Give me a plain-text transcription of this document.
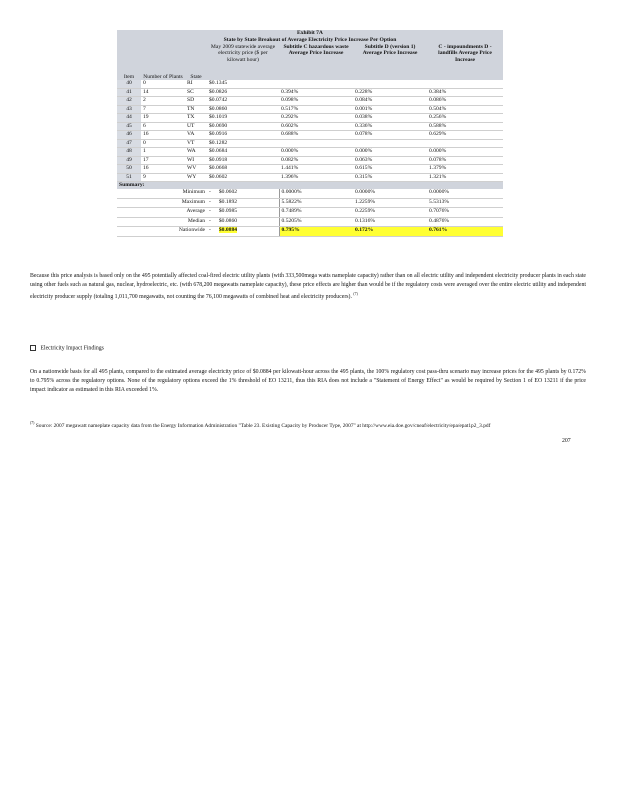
Exhibit 7A						
State by State Breakout of Average Electricity Price Increase Per Option						
Item	Number of Plants	State	May 2009 statewide average electricity price ($ per kilowatt hour)	Subtitle C hazardous waste Average Price Increase	Subtitle D (version 1) Average Price Increase	C - impoundments D - landfills Average Price Increase
40	0	RI	$0.1345			
41	14	SC	$0.0826	0.394%	0.228%	0.384%
42	2	SD	$0.0742	0.098%	0.084%	0.086%
43	7	TN	$0.0860	0.517%	0.001%	0.504%
44	19	TX	$0.1019	0.292%	0.038%	0.256%
45	6	UT	$0.0690	0.602%	0.336%	0.588%
46	16	VA	$0.0916	0.688%	0.078%	0.629%
47	0	VT	$0.1282			
48	1	WA	$0.0684	0.000%	0.000%	0.000%
49	17	WI	$0.0918	0.082%	0.063%	0.078%
50	16	WV	$0.0668	1.441%	0.615%	1.379%
51	9	WY	$0.0602	1.396%	0.315%	1.321%
Summary:						
Minimum			- $0.0602	0.0000%	0.0000%	0.0000%
Maximum			- $0.1892	5.5822%	1.2259%	5.5313%
Average			- $0.0985	0.7489%	0.2259%	0.7076%
Median			- $0.0860	0.5205%	0.1316%	0.4876%
Nationwide			- $0.0884	0.795%	0.172%	0.761%
Because this price analysis is based only on the 495 potentially affected coal-fired electric utility plants (with 333,500mega watts nameplate capacity) rather than on all electric utility and independent electricity producer plants in each state using other fuels such as natural gas, nuclear, hydroelectric, etc. (with 678,200 megawatts nameplate capacity), these price effects are higher than would be if the regulatory costs were averaged over the entire electric utility and independent electricity producer supply (totaling 1,011,700 megawatts, not counting the 76,100 megawatts of combined heat and electricity producers). $^{(7)}$
Electricity Impact Findings
On a nationwide basis for all 495 plants, compared to the estimated average electricity price of $0.0884 per kilowatt-hour across the 495 plants, the 100% regulatory cost pass-thru scenario may increase prices for the 495 plants by 0.172% to 0.795% across the regulatory options. None of the regulatory options exceed the 1% threshold of EO 13211, thus this RIA does not include a "Statement of Energy Effect" as would be required by Section 1 of EO 13211 if the price impact indicator as estimated in this RIA exceeded 1%.
$^{(7)}$ Source: 2007 megawatt nameplate capacity data from the Energy Information Administration "Table 23. Existing Capacity by Producer Type, 2007" at http://www.eia.doe.gov/cneaf/electricity/epa/epat1p2_3.pdf
207
